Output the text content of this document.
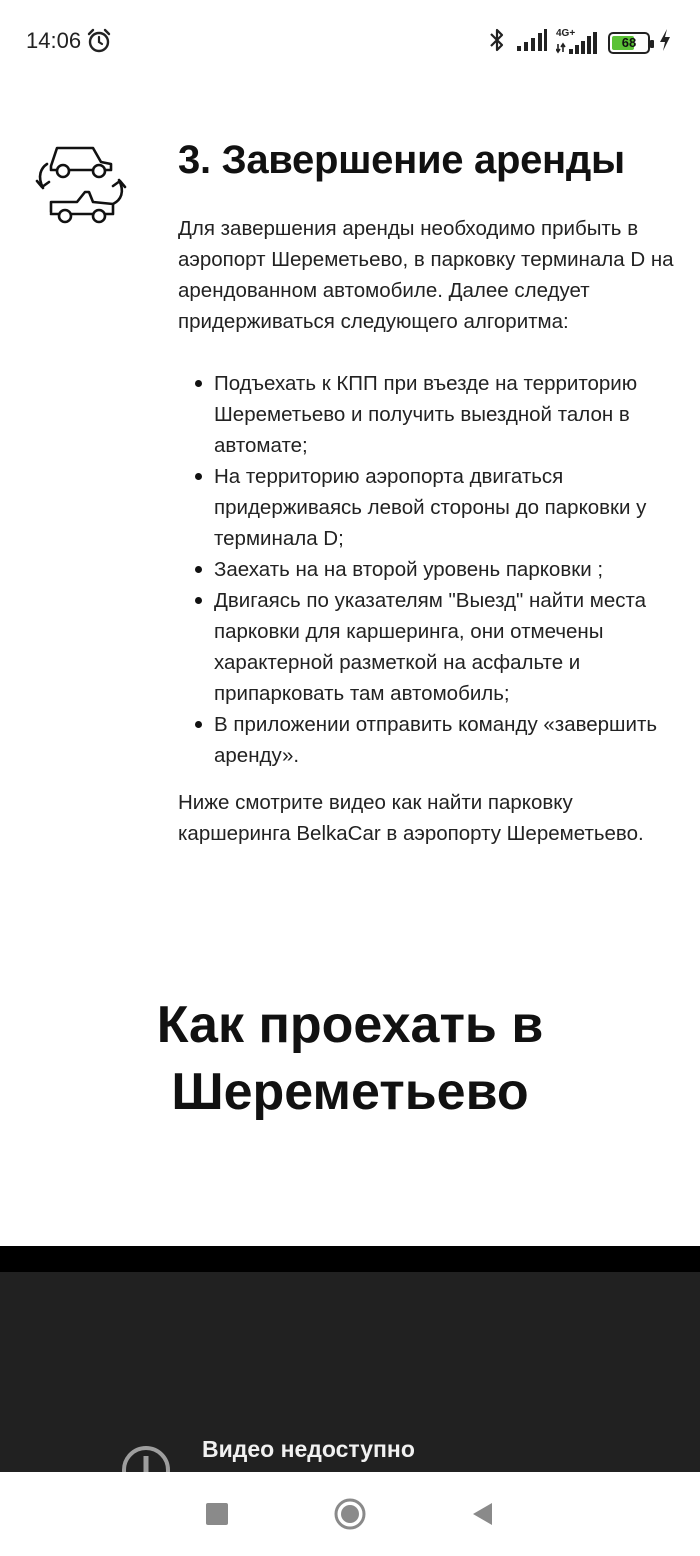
14:06	4G+
68
3. Завершение аренды

Для завершения аренды необходимо прибыть в аэропорт Шереметьево, в парковку терминала D на арендованном автомобиле. Далее следует придерживаться следующего алгоритма:

Подъехать к КПП при въезде на территорию Шереметьево и получить выездной талон в автомате;
На территорию аэропорта двигаться придерживаясь левой стороны до парковки у терминала D;
Заехать на на второй уровень парковки ;
Двигаясь по указателям "Выезд" найти места парковки для каршеринга, они отмечены характерной разметкой на асфальте и припарковать там автомобиль;
В приложении отправить команду «завершить аренду».

Ниже смотрите видео как найти парковку каршеринга BelkaCar в аэропорту Шереметьево.

Как проехать в Шереметьево
Видео недоступно
